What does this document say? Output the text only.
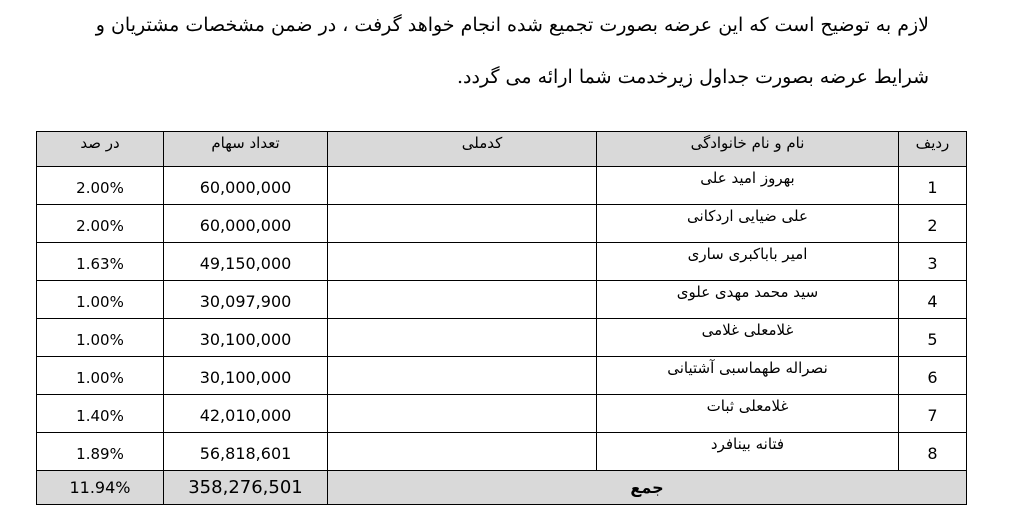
لازم به توضیح است که این عرضه بصورت تجمیع شده انجام خواهد گرفت ، در ضمن مشخصات مشتریان و
شرایط عرضه بصورت جداول زیرخدمت شما ارائه می گردد.
در صد	تعداد سهام	کدملی	نام و نام خانوادگی	ردیف
2.00%	60,000,000		بهروز امید علی	1
2.00%	60,000,000		علی ضیایی اردکانی	2
1.63%	49,150,000		امیر باباکبری ساری	3
1.00%	30,097,900		سید محمد مهدی علوی	4
1.00%	30,100,000		غلامعلی غلامی	5
1.00%	30,100,000		نصراله طهماسبی آشتیانی	6
1.40%	42,010,000		غلامعلی ثبات	7
1.89%	56,818,601		فتانه بینافرد	8
11.94%	358,276,501	جمع		
